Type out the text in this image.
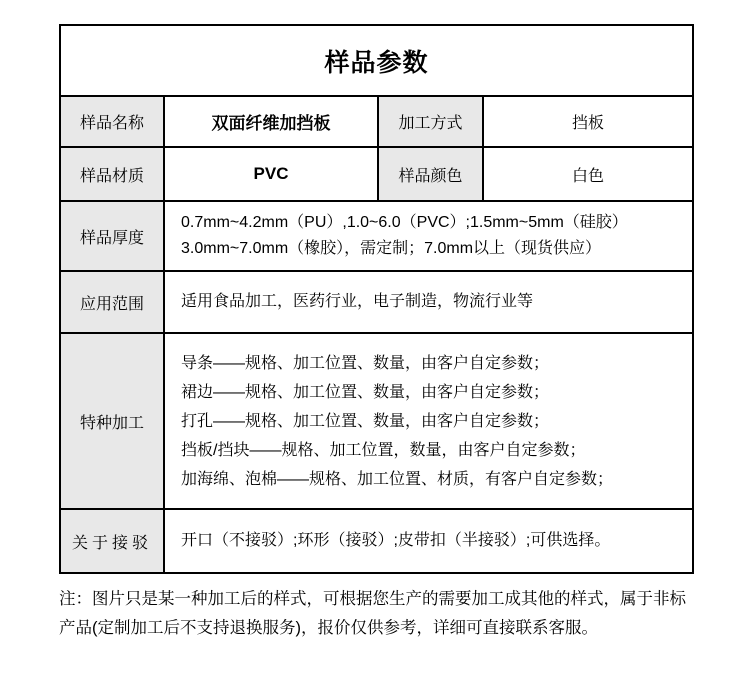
样品参数			
样品名称	双面纤维加挡板	加工方式	挡板
样品材质	PVC	样品颜色	白色
样品厚度	0.7mm~4.2mm（PU）,1.0~6.0（PVC）;1.5mm~5mm（硅胶）
3.0mm~7.0mm（橡胶），需定制；7.0mm以上（现货供应）		

应用范围	适用食品加工，医药行业，电子制造，物流行业等		

特种加工	导条——规格、加工位置、数量，由客户自定参数；
裙边——规格、加工位置、数量，由客户自定参数；
打孔——规格、加工位置、数量，由客户自定参数；
挡板/挡块——规格、加工位置，数量，由客户自定参数；
加海绵、泡棉——规格、加工位置、材质，有客户自定参数；		

关于接驳	开口（不接驳）;环形（接驳）;皮带扣（半接驳）;可供选择。		

注：图片只是某一种加工后的样式，可根据您生产的需要加工成其他的样式，属于非标产品(定制加工后不支持退换服务)，报价仅供参考，详细可直接联系客服。
